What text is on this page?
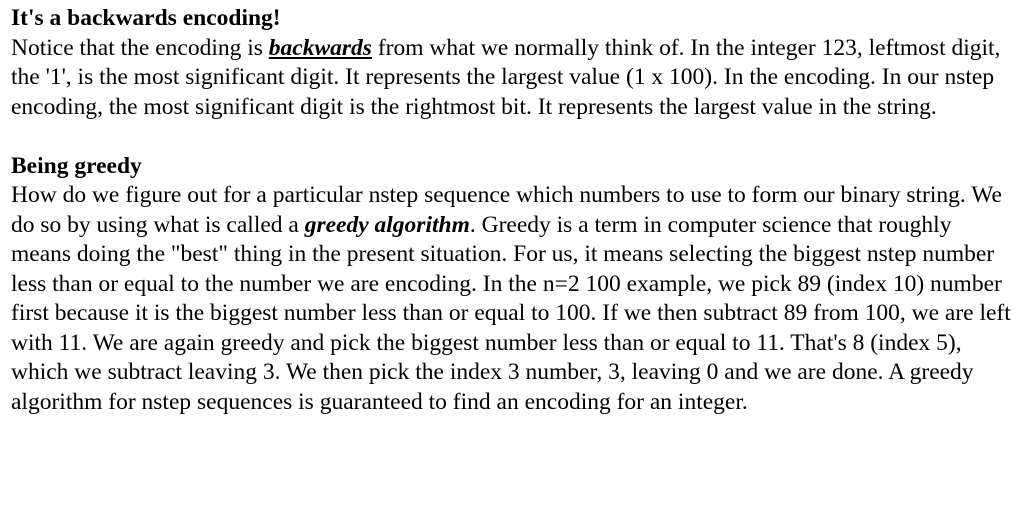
It's a backwards encoding!

Notice that the encoding is backwards from what we normally think of. In the integer 123, leftmost digit, the '1', is the most significant digit. It represents the largest value (1 x 100). In the encoding. In our nstep encoding, the most significant digit is the rightmost bit. It represents the largest value in the string.

Being greedy

How do we figure out for a particular nstep sequence which numbers to use to form our binary string. We do so by using what is called a greedy algorithm. Greedy is a term in computer science that roughly means doing the "best" thing in the present situation. For us, it means selecting the biggest nstep number less than or equal to the number we are encoding. In the n=2 100 example, we pick 89 (index 10) number first because it is the biggest number less than or equal to 100. If we then subtract 89 from 100, we are left with 11. We are again greedy and pick the biggest number less than or equal to 11. That's 8 (index 5), which we subtract leaving 3. We then pick the index 3 number, 3, leaving 0 and we are done. A greedy algorithm for nstep sequences is guaranteed to find an encoding for an integer.
